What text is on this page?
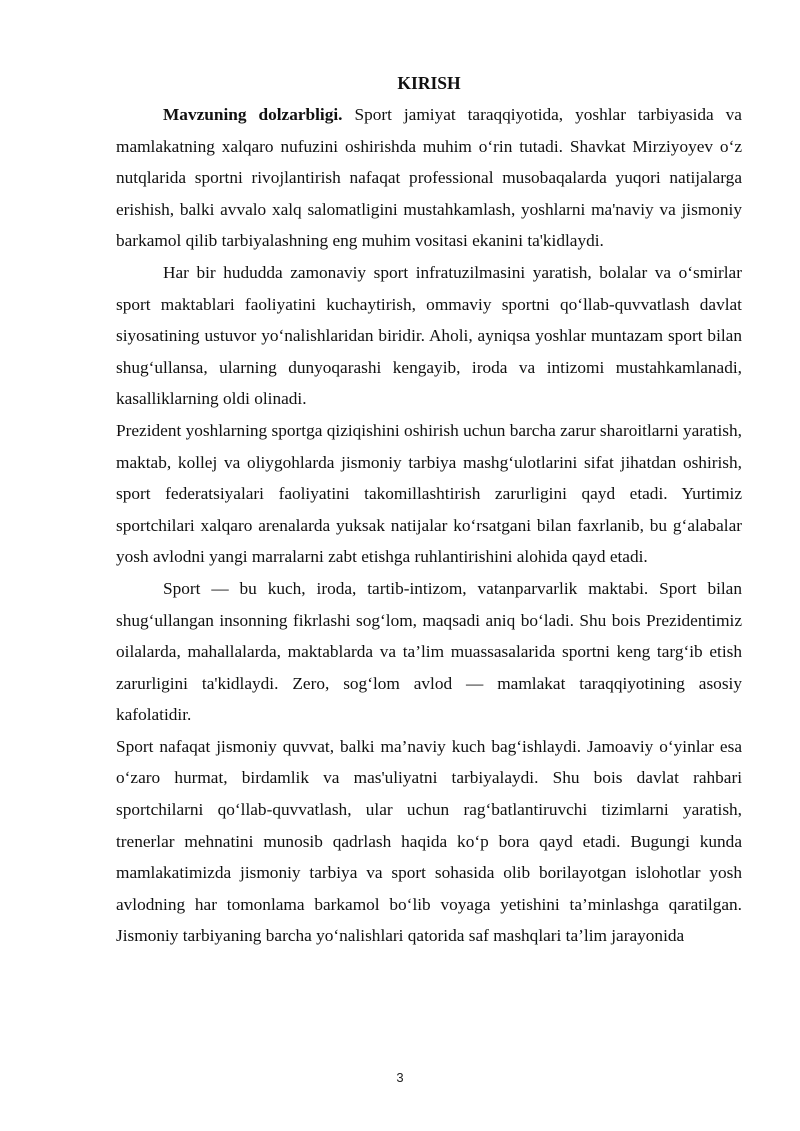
KIRISH

Mavzuning dolzarbligi. Sport jamiyat taraqqiyotida, yoshlar tarbiyasida va mamlakatning xalqaro nufuzini oshirishda muhim o‘rin tutadi. Shavkat Mirziyoyev o‘z nutqlarida sportni rivojlantirish nafaqat professional musobaqalarda yuqori natijalarga erishish, balki avvalo xalq salomatligini mustahkamlash, yoshlarni ma'naviy va jismoniy barkamol qilib tarbiyalashning eng muhim vositasi ekanini ta'kidlaydi.

Har bir hududda zamonaviy sport infratuzilmasini yaratish, bolalar va o‘smirlar sport maktablari faoliyatini kuchaytirish, ommaviy sportni qo‘llab-quvvatlash davlat siyosatining ustuvor yo‘nalishlaridan biridir. Aholi, ayniqsa yoshlar muntazam sport bilan shug‘ullansa, ularning dunyoqarashi kengayib, iroda va intizomi mustahkamlanadi, kasalliklarning oldi olinadi.

Prezident yoshlarning sportga qiziqishini oshirish uchun barcha zarur sharoitlarni yaratish, maktab, kollej va oliygohlarda jismoniy tarbiya mashg‘ulotlarini sifat jihatdan oshirish, sport federatsiyalari faoliyatini takomillashtirish zarurligini qayd etadi. Yurtimiz sportchilari xalqaro arenalarda yuksak natijalar ko‘rsatgani bilan faxrlanib, bu g‘alabalar yosh avlodni yangi marralarni zabt etishga ruhlantirishini alohida qayd etadi.

Sport — bu kuch, iroda, tartib-intizom, vatanparvarlik maktabi. Sport bilan shug‘ullangan insonning fikrlashi sog‘lom, maqsadi aniq bo‘ladi. Shu bois Prezidentimiz oilalarda, mahallalarda, maktablarda va ta’lim muassasalarida sportni keng targ‘ib etish zarurligini ta'kidlaydi. Zero, sog‘lom avlod — mamlakat taraqqiyotining asosiy kafolatidir.

Sport nafaqat jismoniy quvvat, balki ma’naviy kuch bag‘ishlaydi. Jamoaviy o‘yinlar esa o‘zaro hurmat, birdamlik va mas'uliyatni tarbiyalaydi. Shu bois davlat rahbari sportchilarni qo‘llab-quvvatlash, ular uchun rag‘batlantiruvchi tizimlarni yaratish, trenerlar mehnatini munosib qadrlash haqida ko‘p bora qayd etadi. Bugungi kunda mamlakatimizda jismoniy tarbiya va sport sohasida olib borilayotgan islohotlar yosh avlodning har tomonlama barkamol bo‘lib voyaga yetishini ta’minlashga qaratilgan. Jismoniy tarbiyaning barcha yo‘nalishlari qatorida saf mashqlari ta’lim jarayonida

3
